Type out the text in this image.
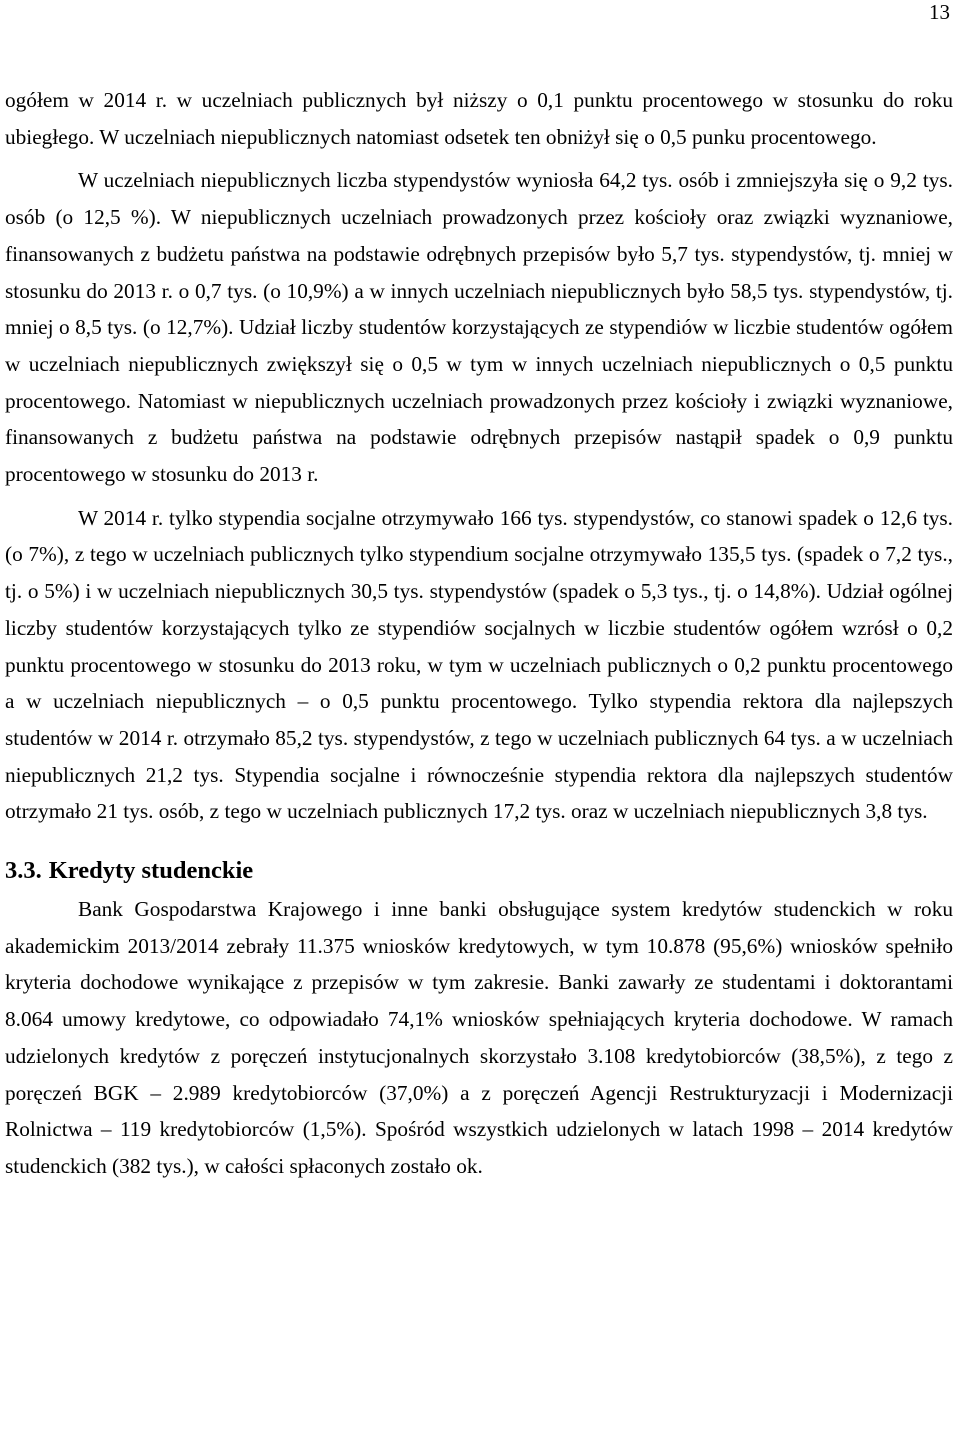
13

ogółem w 2014 r. w uczelniach publicznych był niższy o 0,1 punktu procentowego w stosunku do roku ubiegłego. W uczelniach niepublicznych natomiast odsetek ten obniżył się o 0,5 punku procentowego.

W uczelniach niepublicznych liczba stypendystów wyniosła 64,2 tys. osób i zmniejszyła się o 9,2 tys. osób (o 12,5 %). W niepublicznych uczelniach prowadzonych przez kościoły oraz związki wyznaniowe, finansowanych z budżetu państwa na podstawie odrębnych przepisów było 5,7 tys. stypendystów, tj. mniej w stosunku do 2013 r. o 0,7 tys. (o 10,9%) a w innych uczelniach niepublicznych było 58,5 tys. stypendystów, tj. mniej o 8,5 tys. (o 12,7%). Udział liczby studentów korzystających ze stypendiów w liczbie studentów ogółem w uczelniach niepublicznych zwiększył się o 0,5 w tym w innych uczelniach niepublicznych o 0,5 punktu procentowego. Natomiast w niepublicznych uczelniach prowadzonych przez kościoły i związki wyznaniowe, finansowanych z budżetu państwa na podstawie odrębnych przepisów nastąpił spadek o 0,9 punktu procentowego w stosunku do 2013 r.

W 2014 r. tylko stypendia socjalne otrzymywało 166 tys. stypendystów, co stanowi spadek o 12,6 tys. (o 7%), z tego w uczelniach publicznych tylko stypendium socjalne otrzymywało 135,5 tys. (spadek o 7,2 tys., tj. o 5%) i w uczelniach niepublicznych 30,5 tys. stypendystów (spadek o 5,3 tys., tj. o 14,8%). Udział ogólnej liczby studentów korzystających tylko ze stypendiów socjalnych w liczbie studentów ogółem wzrósł o 0,2 punktu procentowego w stosunku do 2013 roku, w tym w uczelniach publicznych o 0,2 punktu procentowego a w uczelniach niepublicznych – o 0,5 punktu procentowego. Tylko stypendia rektora dla najlepszych studentów w 2014 r. otrzymało 85,2 tys. stypendystów, z tego w uczelniach publicznych 64 tys. a w uczelniach niepublicznych 21,2 tys. Stypendia socjalne i równocześnie stypendia rektora dla najlepszych studentów otrzymało 21 tys. osób, z tego w uczelniach publicznych 17,2 tys. oraz w uczelniach niepublicznych 3,8 tys.

3.3. Kredyty studenckie

Bank Gospodarstwa Krajowego i inne banki obsługujące system kredytów studenckich w roku akademickim 2013/2014 zebrały 11.375 wniosków kredytowych, w tym 10.878 (95,6%) wniosków spełniło kryteria dochodowe wynikające z przepisów w tym zakresie. Banki zawarły ze studentami i doktorantami 8.064 umowy kredytowe, co odpowiadało 74,1% wniosków spełniających kryteria dochodowe. W ramach udzielonych kredytów z poręczeń instytucjonalnych skorzystało 3.108 kredytobiorców (38,5%), z tego z poręczeń BGK – 2.989 kredytobiorców (37,0%) a z poręczeń Agencji Restrukturyzacji i Modernizacji Rolnictwa – 119 kredytobiorców (1,5%). Spośród wszystkich udzielonych w latach 1998 – 2014 kredytów studenckich (382 tys.), w całości spłaconych zostało ok.
